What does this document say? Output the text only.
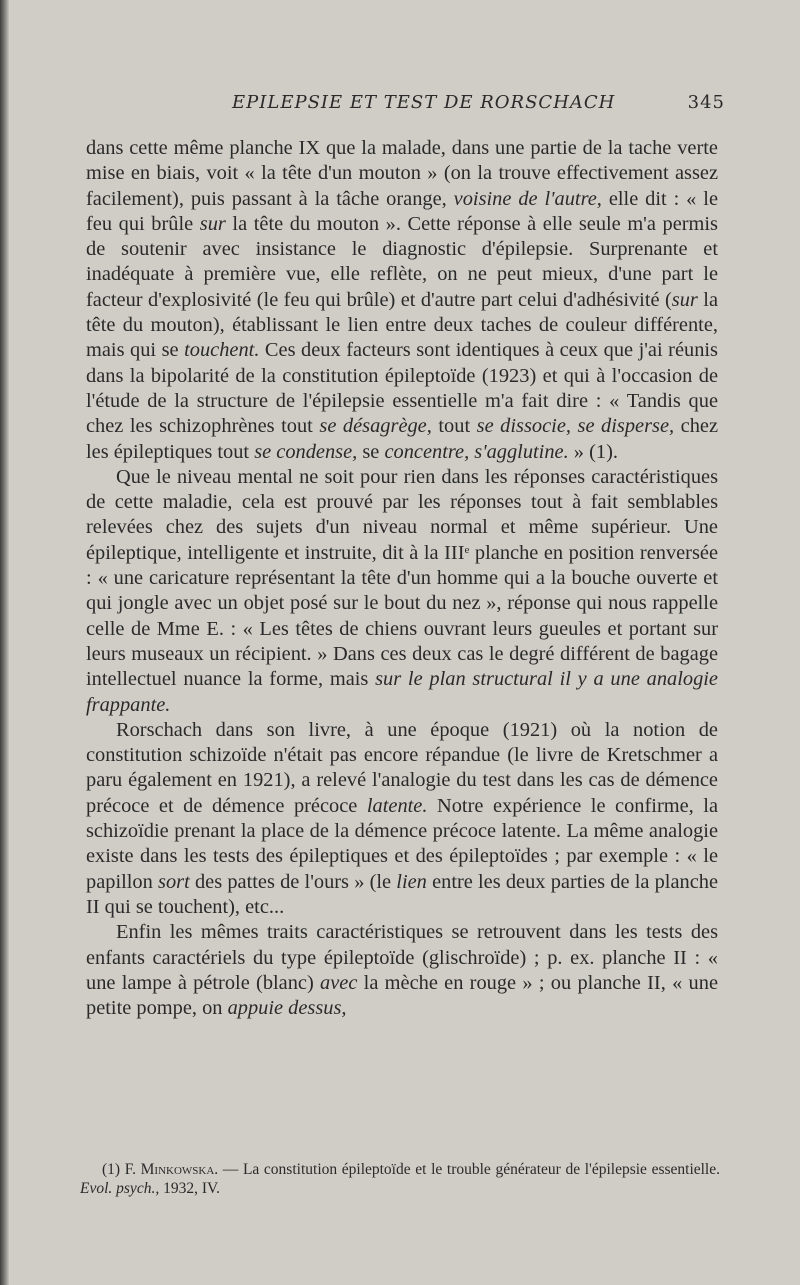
EPILEPSIE ET TEST DE RORSCHACH	345

dans cette même planche IX que la malade, dans une partie de la tache verte mise en biais, voit « la tête d'un mouton » (on la trouve effectivement assez facilement), puis passant à la tâche orange, voisine de l'autre, elle dit : « le feu qui brûle sur la tête du mouton ». Cette réponse à elle seule m'a permis de soutenir avec insistance le diagnostic d'épilepsie. Surprenante et inadéquate à première vue, elle reflète, on ne peut mieux, d'une part le facteur d'explosivité (le feu qui brûle) et d'autre part celui d'adhésivité (sur la tête du mouton), établissant le lien entre deux taches de couleur différente, mais qui se touchent. Ces deux facteurs sont identiques à ceux que j'ai réunis dans la bipolarité de la constitution épileptoïde (1923) et qui à l'occasion de l'étude de la structure de l'épilepsie essentielle m'a fait dire : « Tandis que chez les schizophrènes tout se désagrège, tout se dissocie, se disperse, chez les épileptiques tout se condense, se concentre, s'agglutine. » (1).

Que le niveau mental ne soit pour rien dans les réponses caractéristiques de cette maladie, cela est prouvé par les réponses tout à fait semblables relevées chez des sujets d'un niveau normal et même supérieur. Une épileptique, intelligente et instruite, dit à la IIIe planche en position renversée : « une caricature représentant la tête d'un homme qui a la bouche ouverte et qui jongle avec un objet posé sur le bout du nez », réponse qui nous rappelle celle de Mme E. : « Les têtes de chiens ouvrant leurs gueules et portant sur leurs museaux un récipient. » Dans ces deux cas le degré différent de bagage intellectuel nuance la forme, mais sur le plan structural il y a une analogie frappante.

Rorschach dans son livre, à une époque (1921) où la notion de constitution schizoïde n'était pas encore répandue (le livre de Kretschmer a paru également en 1921), a relevé l'analogie du test dans les cas de démence précoce et de démence précoce latente. Notre expérience le confirme, la schizoïdie prenant la place de la démence précoce latente. La même analogie existe dans les tests des épileptiques et des épileptoïdes ; par exemple : « le papillon sort des pattes de l'ours » (le lien entre les deux parties de la planche II qui se touchent), etc...

Enfin les mêmes traits caractéristiques se retrouvent dans les tests des enfants caractériels du type épileptoïde (glischroïde) ; p. ex. planche II : « une lampe à pétrole (blanc) avec la mèche en rouge » ; ou planche II, « une petite pompe, on appuie dessus,

(1) F. Minkowska. — La constitution épileptoïde et le trouble générateur de l'épilepsie essentielle. Evol. psych., 1932, IV.
